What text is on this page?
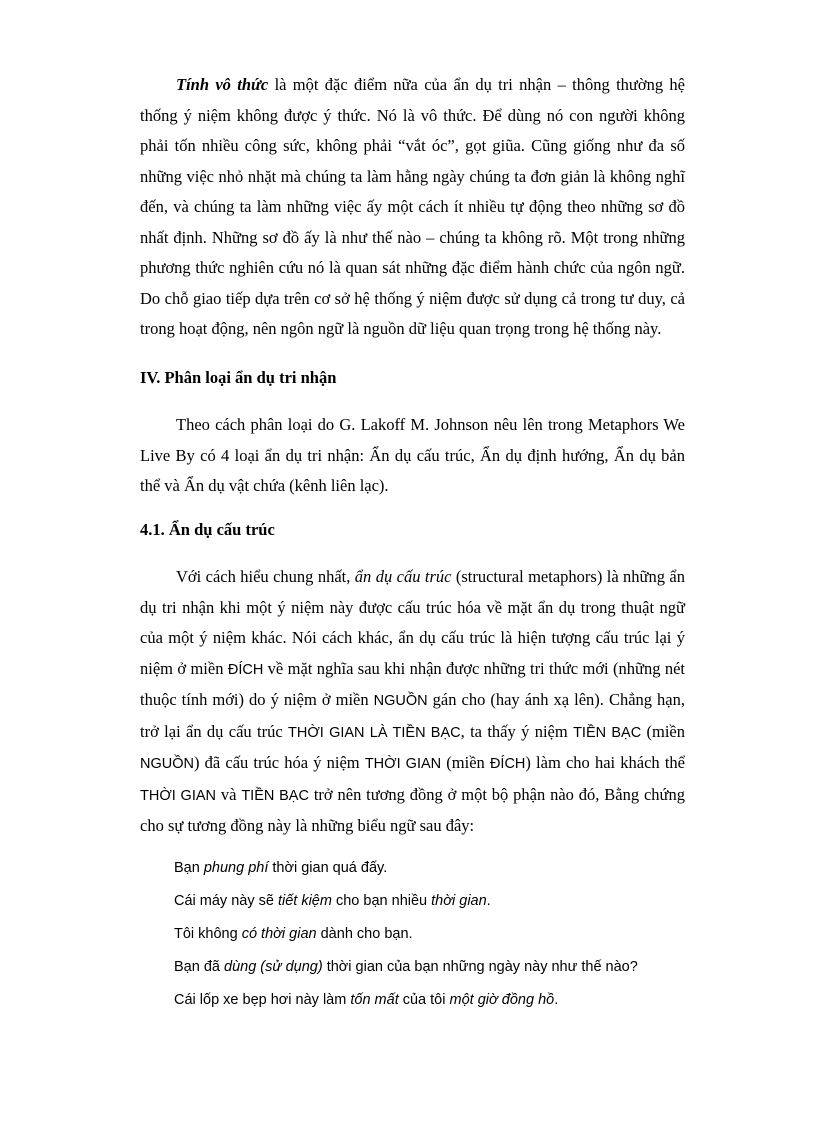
Tính vô thức là một đặc điểm nữa của ẩn dụ tri nhận – thông thường hệ thống ý niệm không được ý thức. Nó là vô thức. Để dùng nó con người không phải tốn nhiều công sức, không phải “vắt óc”, gọt giũa. Cũng giống như đa số những việc nhỏ nhặt mà chúng ta làm hằng ngày chúng ta đơn giản là không nghĩ đến, và chúng ta làm những việc ấy một cách ít nhiều tự động theo những sơ đồ nhất định. Những sơ đồ ấy là như thế nào – chúng ta không rõ. Một trong những phương thức nghiên cứu nó là quan sát những đặc điểm hành chức của ngôn ngữ. Do chỗ giao tiếp dựa trên cơ sở hệ thống ý niệm được sử dụng cả trong tư duy, cả trong hoạt động, nên ngôn ngữ là nguồn dữ liệu quan trọng trong hệ thống này.

IV. Phân loại ẩn dụ tri nhận

Theo cách phân loại do G. Lakoff M. Johnson nêu lên trong Metaphors We Live By có 4 loại ẩn dụ tri nhận: Ẩn dụ cấu trúc, Ẩn dụ định hướng, Ẩn dụ bản thể và Ẩn dụ vật chứa (kênh liên lạc).

4.1. Ẩn dụ cấu trúc

Với cách hiểu chung nhất, ẩn dụ cấu trúc (structural metaphors) là những ẩn dụ tri nhận khi một ý niệm này được cấu trúc hóa về mặt ẩn dụ trong thuật ngữ của một ý niệm khác. Nói cách khác, ẩn dụ cấu trúc là hiện tượng cấu trúc lại ý niệm ở miền ĐÍCH về mặt nghĩa sau khi nhận được những tri thức mới (những nét thuộc tính mới) do ý niệm ở miền NGUỒN gán cho (hay ánh xạ lên). Chẳng hạn, trở lại ẩn dụ cấu trúc THỜI GIAN LÀ TIỀN BẠC, ta thấy ý niệm TIỀN BẠC (miền NGUỒN) đã cấu trúc hóa ý niệm THỜI GIAN (miền ĐÍCH) làm cho hai khách thể THỜI GIAN và TIỀN BẠC trở nên tương đồng ở một bộ phận nào đó, Bằng chứng cho sự tương đồng này là những biểu ngữ sau đây:

Bạn phung phí thời gian quá đấy.

Cái máy này sẽ tiết kiệm cho bạn nhiều thời gian.

Tôi không có thời gian dành cho bạn.

Bạn đã dùng (sử dụng) thời gian của bạn những ngày này như thế nào?

Cái lốp xe bẹp hơi này làm tốn mất của tôi một giờ đồng hồ.
